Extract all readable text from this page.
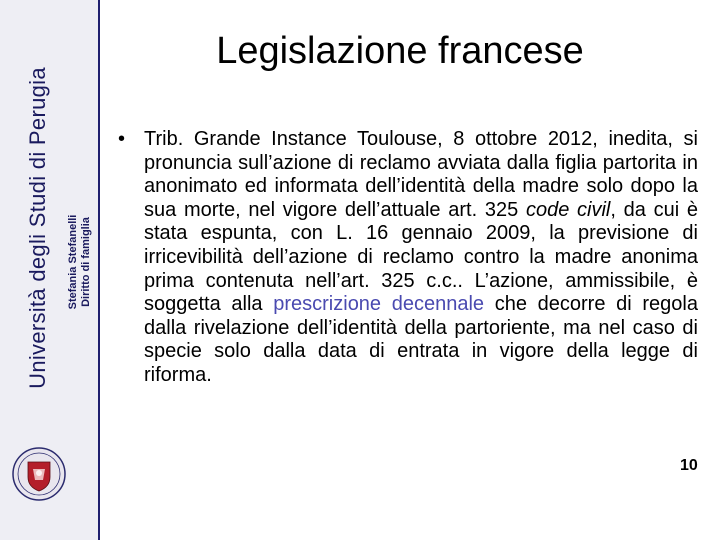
Università degli Studi di Perugia Stefania Stefanelli Diritto di famiglia
Legislazione francese
• Trib. Grande Instance Toulouse, 8 ottobre 2012, inedita, si pronuncia sull’azione di reclamo avviata dalla figlia partorita in anonimato ed informata dell’identità della madre solo dopo la sua morte, nel vigore dell’attuale art. 325 code civil, da cui è stata espunta, con L. 16 gennaio 2009, la previsione di irricevibilità dell’azione di reclamo contro la madre anonima prima contenuta nell’art. 325 c.c.. L’azione, ammissibile, è soggetta alla prescrizione decennale che decorre di regola dalla rivelazione dell’identità della partoriente, ma nel caso di specie solo dalla data di entrata in vigore della legge di riforma.
10
